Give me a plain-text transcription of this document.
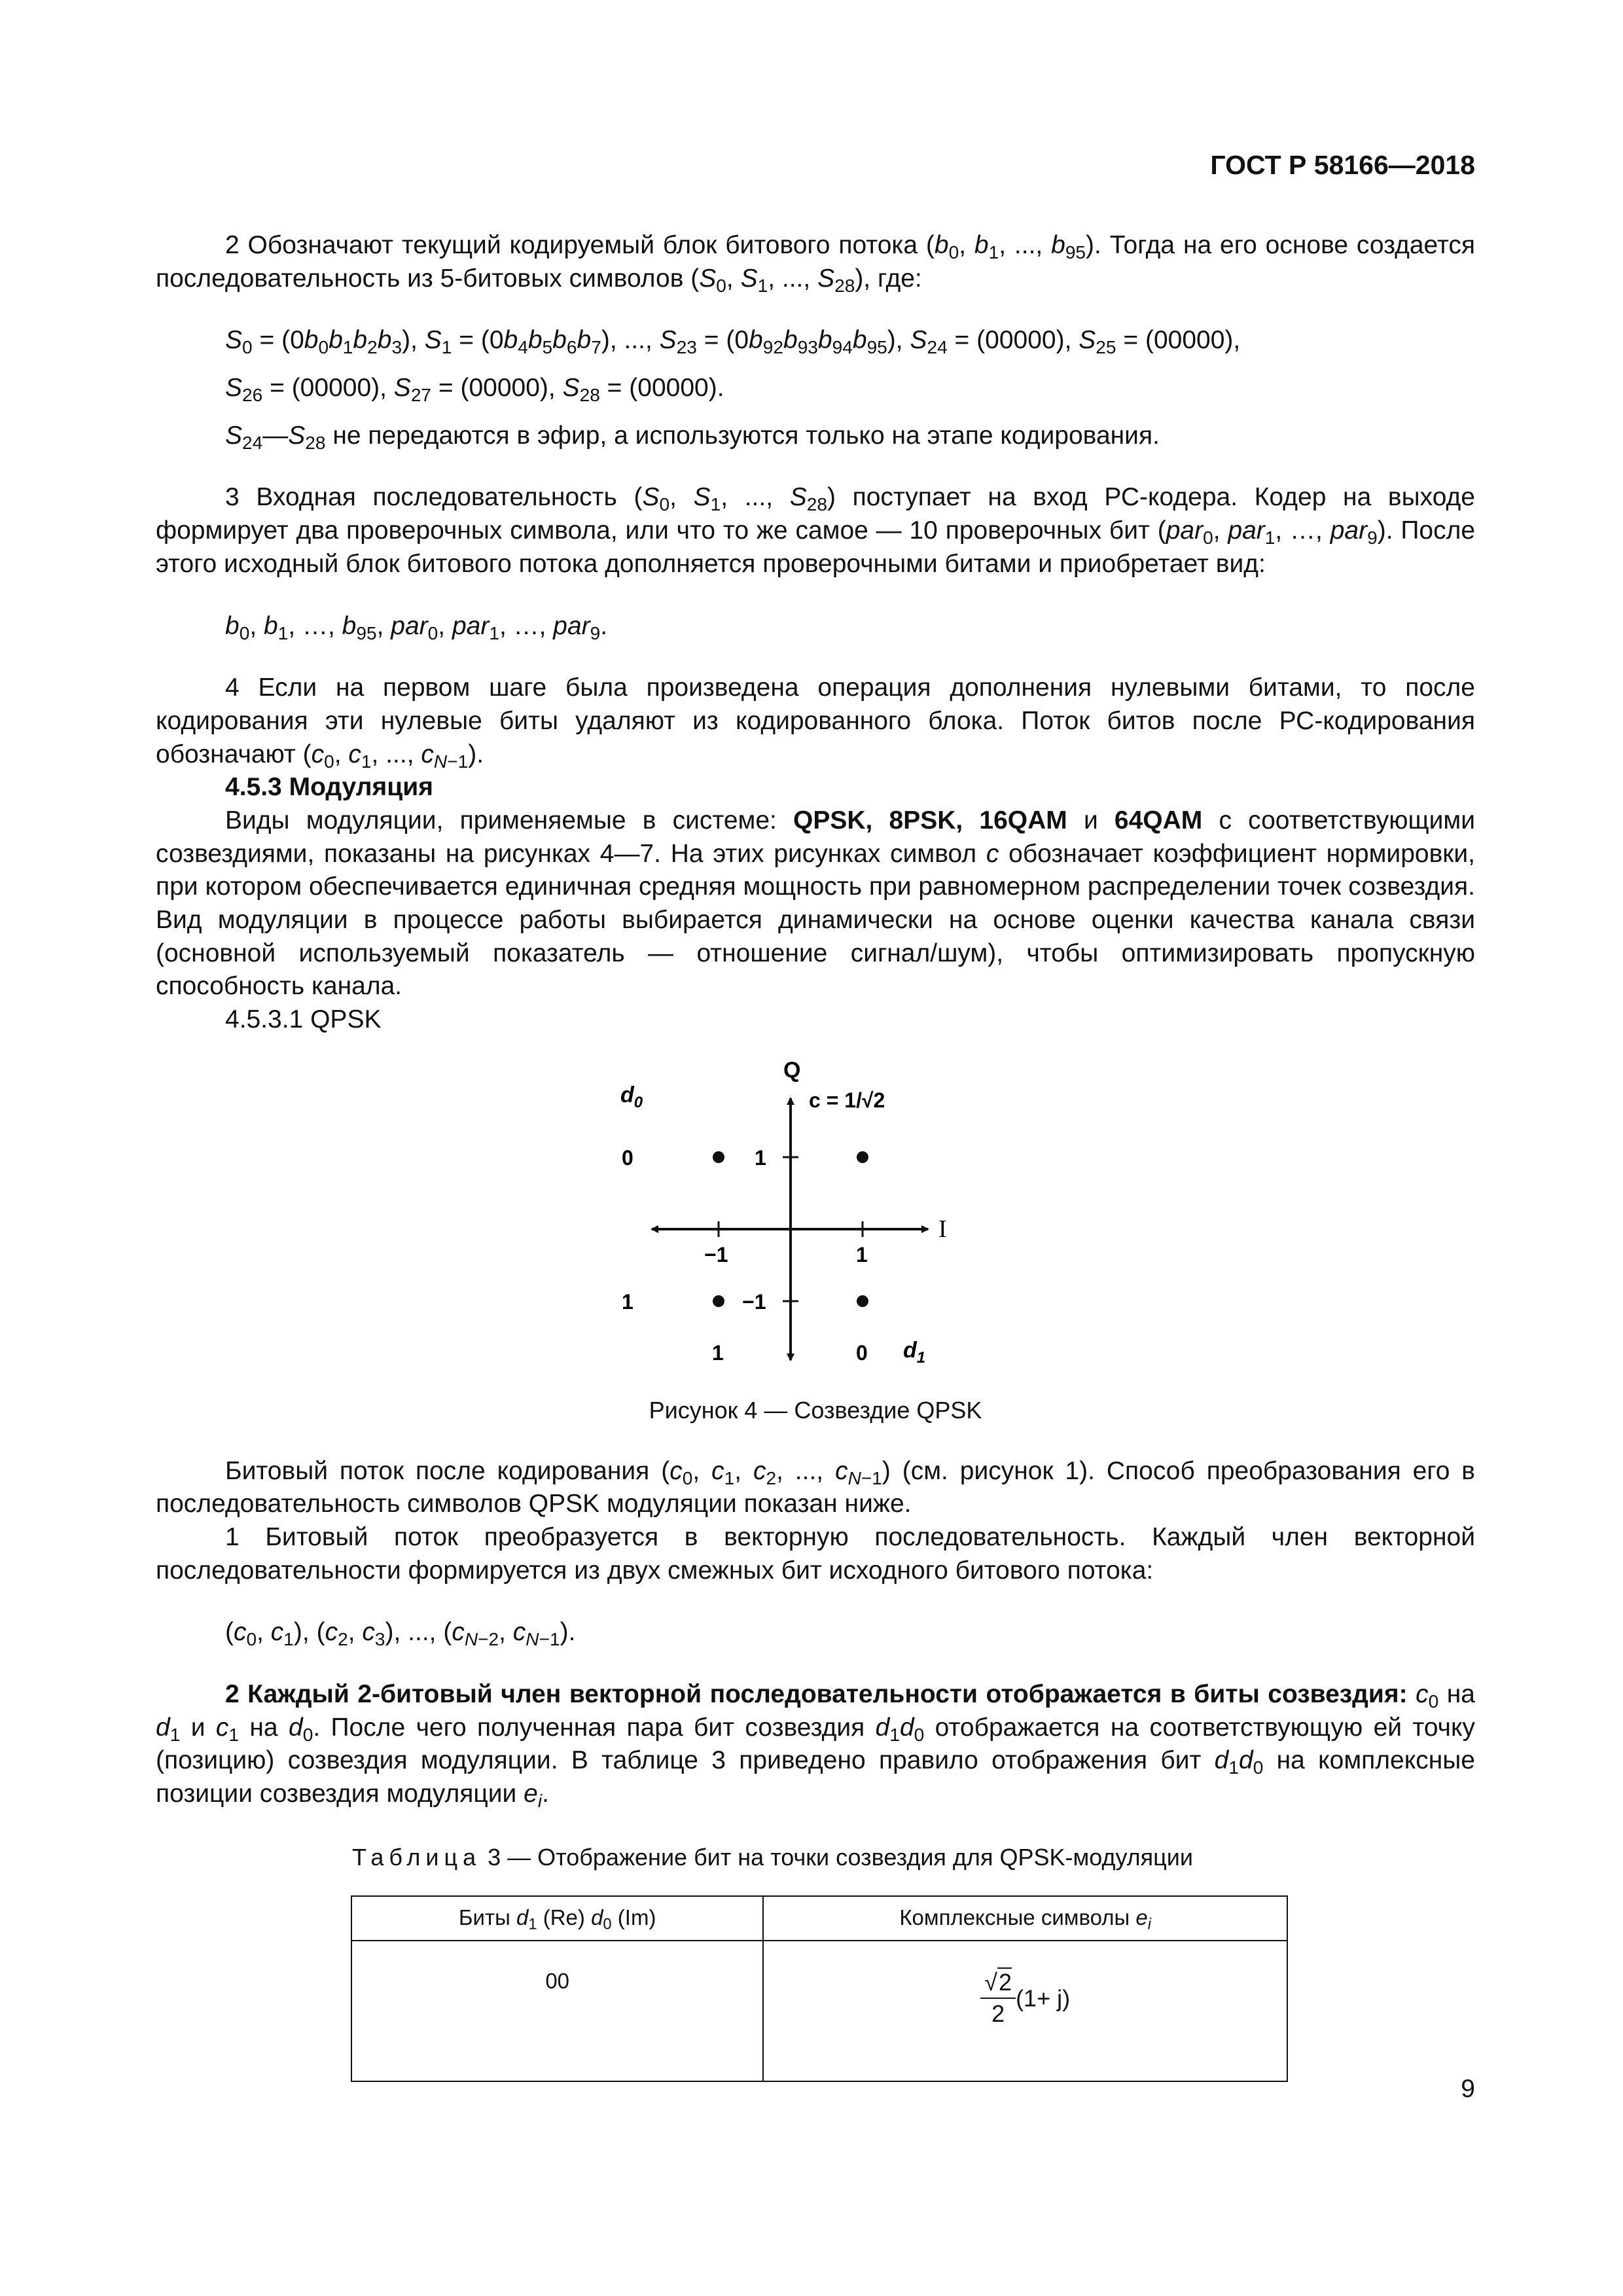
ГОСТ Р 58166—2018

2 Обозначают текущий кодируемый блок битового потока ($b_0$, $b_1$, ..., $b_{95}$). Тогда на его основе создается последовательность из 5-битовых символов ($S_0$, $S_1$, ..., $S_{28}$), где:

$S_0 = (0b_0b_1b_2b_3)$, $S_1 = (0b_4b_5b_6b_7)$, ..., $S_{23} = (0b_{92}b_{93}b_{94}b_{95})$, $S_{24} = (00000)$, $S_{25} = (00000)$,

$S_{26} = (00000)$, $S_{27} = (00000)$, $S_{28} = (00000)$.

$S_{24}—S_{28}$ не передаются в эфир, а используются только на этапе кодирования.

3 Входная последовательность ($S_0$, $S_1$, ..., $S_{28}$) поступает на вход РС-кодера. Кодер на выходе формирует два проверочных символа, или что то же самое — 10 проверочных бит (par$_0$, par$_1$, …, par$_9$). После этого исходный блок битового потока дополняется проверочными битами и приобретает вид:

$b_0$, $b_1$, …, $b_{95}$, par$_0$, par$_1$, …, par$_9$.

4 Если на первом шаге была произведена операция дополнения нулевыми битами, то после кодирования эти нулевые биты удаляют из кодированного блока. Поток битов после РС-кодирования обозначают ($c_0$, $c_1$, ..., $c_{N-1}$).

4.5.3 Модуляция

Виды модуляции, применяемые в системе: QPSK, 8PSK, 16QAM и 64QAM с соответствующими созвездиями, показаны на рисунках 4—7. На этих рисунках символ c обозначает коэффициент нормировки, при котором обеспечивается единичная средняя мощность при равномерном распределении точек созвездия. Вид модуляции в процессе работы выбирается динамически на основе оценки качества канала связи (основной используемый показатель — отношение сигнал/шум), чтобы оптимизировать пропускную способность канала.

4.5.3.1 QPSK

$d_0$
Q
I
c = 1/√2
0
1
1
−1
−1	1
1	0 $d_1$

Рисунок 4 — Созвездие QPSK

Битовый поток после кодирования ($c_0$, $c_1$, $c_2$, ..., $c_{N-1}$) (см. рисунок 1). Способ преобразования его в последовательность символов QPSK модуляции показан ниже.

1 Битовый поток преобразуется в векторную последовательность. Каждый член векторной последовательности формируется из двух смежных бит исходного битового потока:

($c_0$, $c_1$), ($c_2$, $c_3$), ..., ($c_{N-2}$, $c_{N-1}$).

2 Каждый 2-битовый член векторной последовательности отображается в биты созвездия: $c_0$ на $d_1$ и $c_1$ на $d_0$. После чего полученная пара бит созвездия $d_1d_0$ отображается на соответствующую ей точку (позицию) созвездия модуляции. В таблице 3 приведено правило отображения бит $d_1d_0$ на комплексные позиции созвездия модуляции $e_i$.

Таблица 3 — Отображение бит на точки созвездия для QPSK-модуляции

Биты $d_1$ (Re) $d_0$ (Im)	Комплексные символы $e_i$
00	$\frac{√2}{2} (1+ j)$
9
